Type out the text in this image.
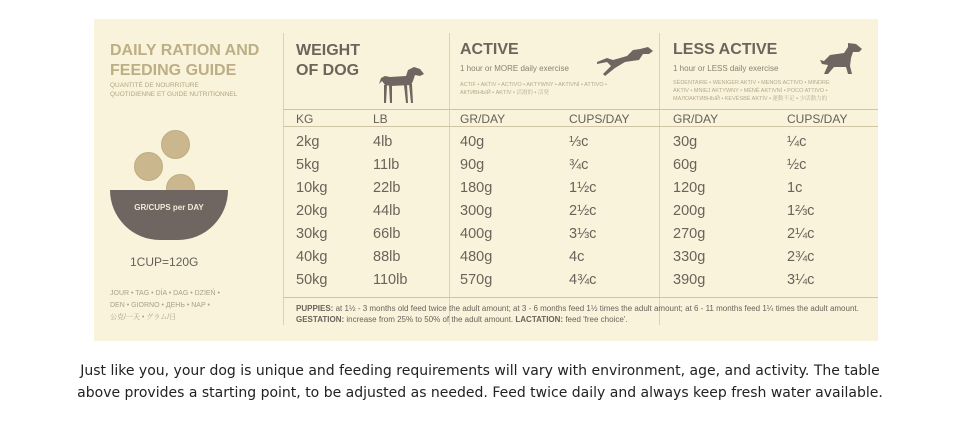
DAILY RATION AND
FEEDING GUIDE
QUANTITÉ DE NOURRITURE
QUOTIDIENNE ET GUIDE NUTRITIONNEL
GR/CUPS per DAY
1CUP=120G
JOUR • TAG • DÍA • DAG • DZIEŃ •
DEN • GIORNO • ДЕНЬ • NAP •
公克/一天 • グラム/日
WEIGHT
OF DOG
ACTIVE
1 hour or MORE daily exercise
ACTIF • AKTIV • ACTIVO • AKTYWNY • AKTIVNÍ • ATTIVO •
АКТИВНЫЙ • AKTÍV • 活潑的 • 活発
LESS ACTIVE
1 hour or LESS daily exercise
SÉDENTAIRE • WENIGER AKTIV • MENOS ACTIVO • MINDRE
AKTIV • MNIEJ AKTYWNY • MÉNĚ AKTIVNÍ • POCO ATTIVO •
МАЛОАКТИВНЫЙ • KEVÉSBÉ AKTÍV • 運動不足 • 少活動力的
KG	LB	GR/DAY	CUPS/DAY	GR/DAY	CUPS/DAY
2kg	4lb	40g	⅓c	30g	¼c
5kg	11lb	90g	¾c	60g	½c
10kg	22lb	180g	1½c	120g	1c
20kg	44lb	300g	2½c	200g	1⅔c
30kg	66lb	400g	3⅓c	270g	2¼c
40kg	88lb	480g	4c	330g	2¾c
50kg	110lb	570g	4¾c	390g	3¼c
PUPPIES: at 1½ - 3 months old feed twice the adult amount; at 3 - 6 months feed 1½ times the adult amount; at 6 - 11 months feed 1¼ times the adult amount. GESTATION: increase from 25% to 50% of the adult amount. LACTATION: feed 'free choice'.
Just like you, your dog is unique and feeding requirements will vary with environment, age, and activity. The table
above provides a starting point, to be adjusted as needed. Feed twice daily and always keep fresh water available.
